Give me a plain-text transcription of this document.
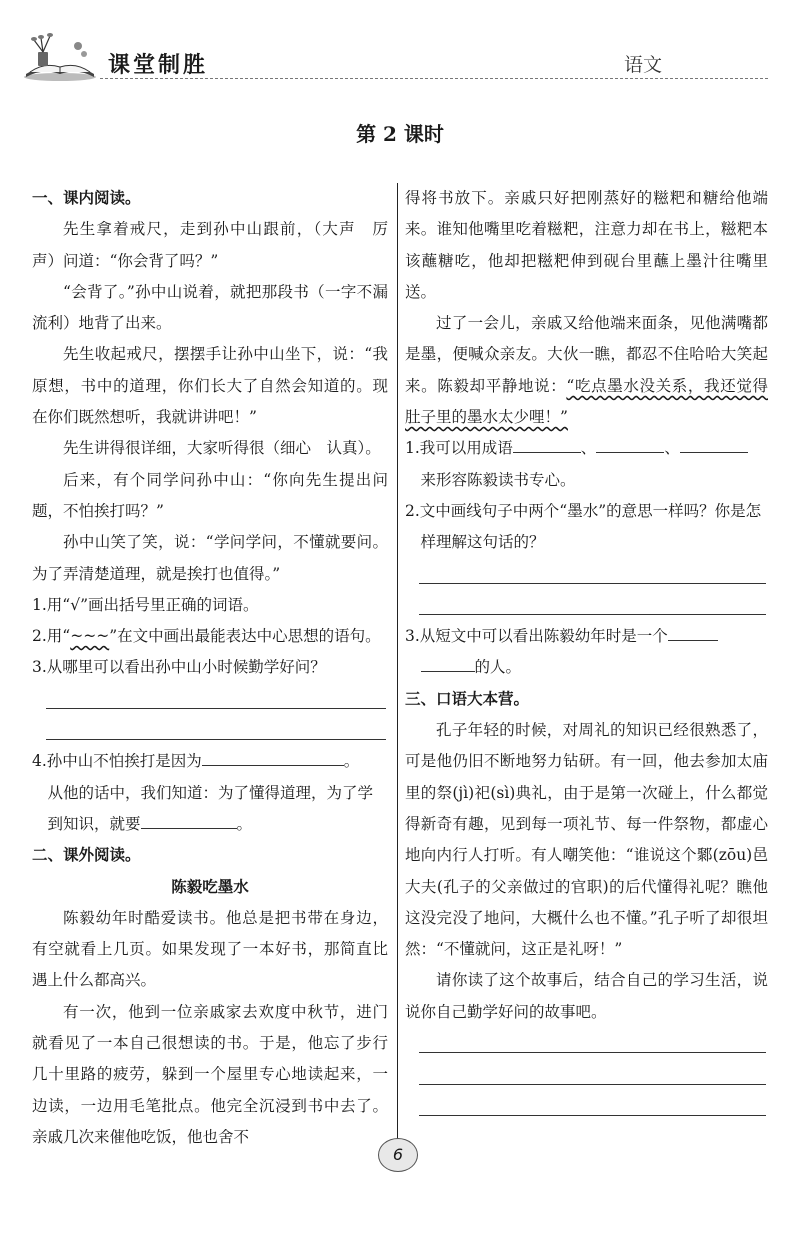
课堂制胜	语文
第 2 课时

一、课内阅读。

先生拿着戒尺，走到孙中山跟前，（大声　厉声）问道：“你会背了吗？”

“会背了。”孙中山说着，就把那段书（一字不漏　流利）地背了出来。

先生收起戒尺，摆摆手让孙中山坐下，说：“我原想，书中的道理，你们长大了自然会知道的。现在你们既然想听，我就讲讲吧！”

先生讲得很详细，大家听得很（细心　认真）。

后来，有个同学问孙中山：“你向先生提出问题，不怕挨打吗？”

孙中山笑了笑，说：“学问学问，不懂就要问。为了弄清楚道理，就是挨打也值得。”

1.用“√”画出括号里正确的词语。

2.用“~~~”在文中画出最能表达中心思想的语句。

3.从哪里可以看出孙中山小时候勤学好问？

4.孙中山不怕挨打是因为	。

从他的话中，我们知道：为了懂得道理，为了学到知识，就要	。

二、课外阅读。

陈毅吃墨水

陈毅幼年时酷爱读书。他总是把书带在身边，有空就看上几页。如果发现了一本好书，那简直比遇上什么都高兴。

有一次，他到一位亲戚家去欢度中秋节，进门就看见了一本自己很想读的书。于是，他忘了步行几十里路的疲劳，躲到一个屋里专心地读起来，一边读，一边用毛笔批点。他完全沉浸到书中去了。亲戚几次来催他吃饭，他也舍不

得将书放下。亲戚只好把刚蒸好的糍粑和糖给他端来。谁知他嘴里吃着糍粑，注意力却在书上，糍粑本该蘸糖吃，他却把糍粑伸到砚台里蘸上墨汁往嘴里送。

过了一会儿，亲戚又给他端来面条，见他满嘴都是墨，便喊众亲友。大伙一瞧，都忍不住哈哈大笑起来。陈毅却平静地说：“吃点墨水没关系，我还觉得肚子里的墨水太少哩！”

1.我可以用成语	、	、

来形容陈毅读书专心。

2.文中画线句子中两个“墨水”的意思一样吗？你是怎样理解这句话的？

3.从短文中可以看出陈毅幼年时是一个

的人。

三、口语大本营。

孔子年轻的时候，对周礼的知识已经很熟悉了，可是他仍旧不断地努力钻研。有一回，他去参加太庙里的祭(jì)祀(sì)典礼，由于是第一次碰上，什么都觉得新奇有趣，见到每一项礼节、每一件祭物，都虚心地向内行人打听。有人嘲笑他：“谁说这个鄹(zōu)邑大夫(孔子的父亲做过的官职)的后代懂得礼呢？瞧他这没完没了地问，大概什么也不懂。”孔子听了却很坦然：“不懂就问，这正是礼呀！”

请你读了这个故事后，结合自己的学习生活，说说你自己勤学好问的故事吧。

6
